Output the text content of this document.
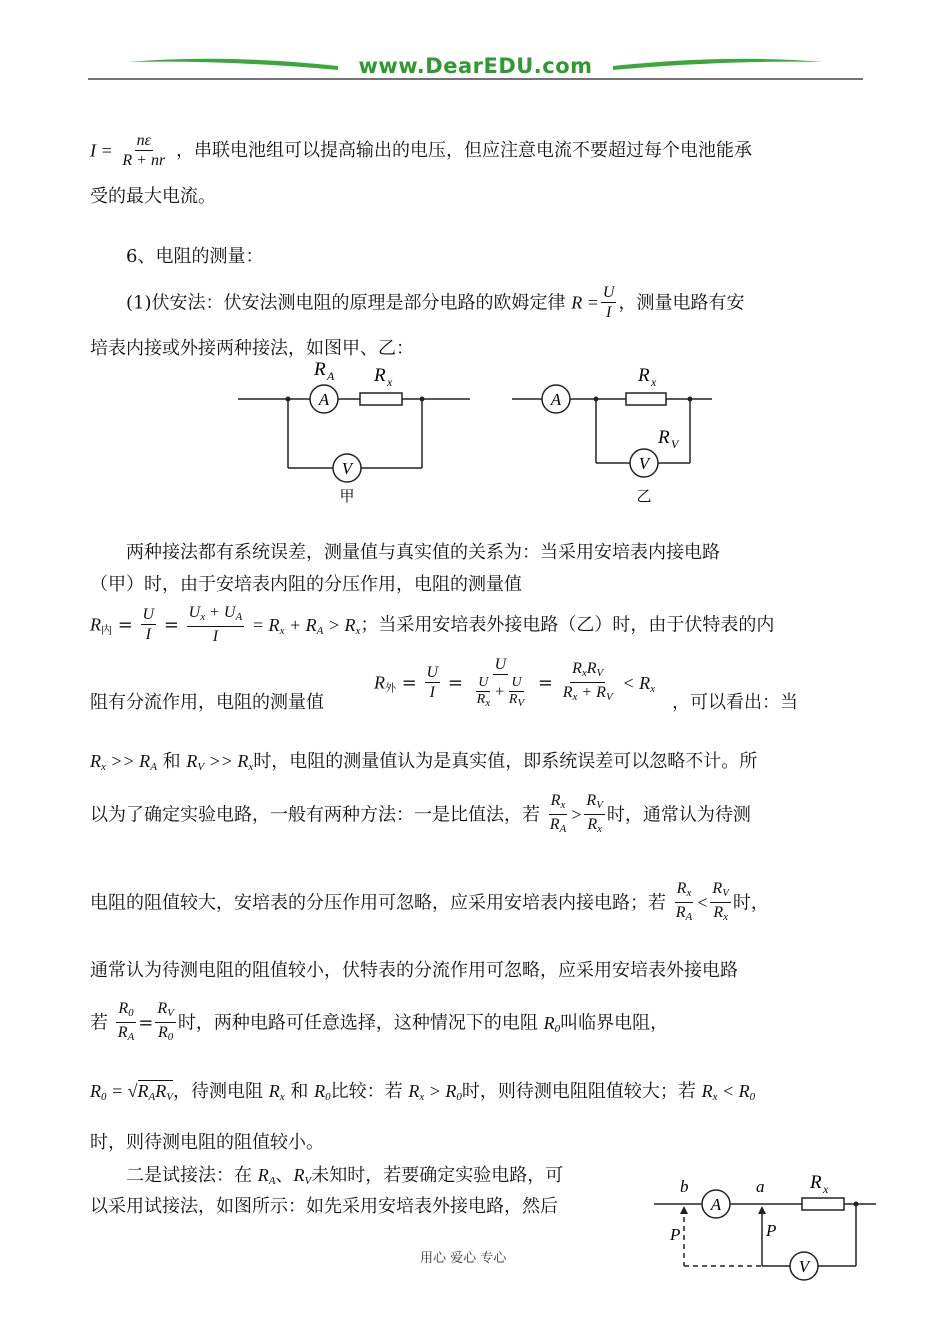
www.DearEDU.com
$I = \frac{n\varepsilon}{R + nr}$ ，串联电池组可以提高输出的电压，但应注意电流不要超过每个电池能承
受的最大电流。
6、电阻的测量：
(1)伏安法：伏安法测电阻的原理是部分电路的欧姆定律 $R = \frac{U}{I}$ ，测量电路有安
培表内接或外接两种接法，如图甲、乙：
A
V
R A R x
甲
A
V
R x
R V
乙
两种接法都有系统误差，测量值与真实值的关系为：当采用安培表内接电路
（甲）时，由于安培表内阻的分压作用，电阻的测量值
$R_内 = \frac{U}{I} = \frac{U_x + U_A}{I} = R_x + R_A > R_x$；当采用安培表外接电路（乙）时，由于伏特表的内
阻有分流作用，电阻的测量值
$R_外 = \frac{U}{I} = \frac{U}{\frac{U}{R_x} + \frac{U}{R_V}} = \frac{R_xR_V}{R_x + R_V} < R_x$
，可以看出：当
$R_x >> R_A$ 和 $R_V >> R_x$时，电阻的测量值认为是真实值，即系统误差可以忽略不计。所
以为了确定实验电路，一般有两种方法：一是比值法，若 $\frac{R_x}{R_A} > \frac{R_V}{R_x}$ 时，通常认为待测
电阻的阻值较大，安培表的分压作用可忽略，应采用安培表内接电路；若 $\frac{R_x}{R_A} < \frac{R_V}{R_x}$ 时，
通常认为待测电阻的阻值较小，伏特表的分流作用可忽略，应采用安培表外接电路
若 $\frac{R_0}{R_A} = \frac{R_V}{R_0}$ 时，两种电路可任意选择，这种情况下的电阻 $R_0$叫临界电阻，
$R_0 = √R_AR_V$，待测电阻 $R_x$ 和 $R_0$比较：若 $R_x > R_0$时，则待测电阻阻值较大；若 $R_x < R_0$
时，则待测电阻的阻值较小。
二是试接法：在 $R_A$、$R_V$未知时，若要确定实验电路，可
以采用试接法，如图所示：如先采用安培表外接电路，然后
b	a
A
V
R x
P	P
用心 爱心 专心
